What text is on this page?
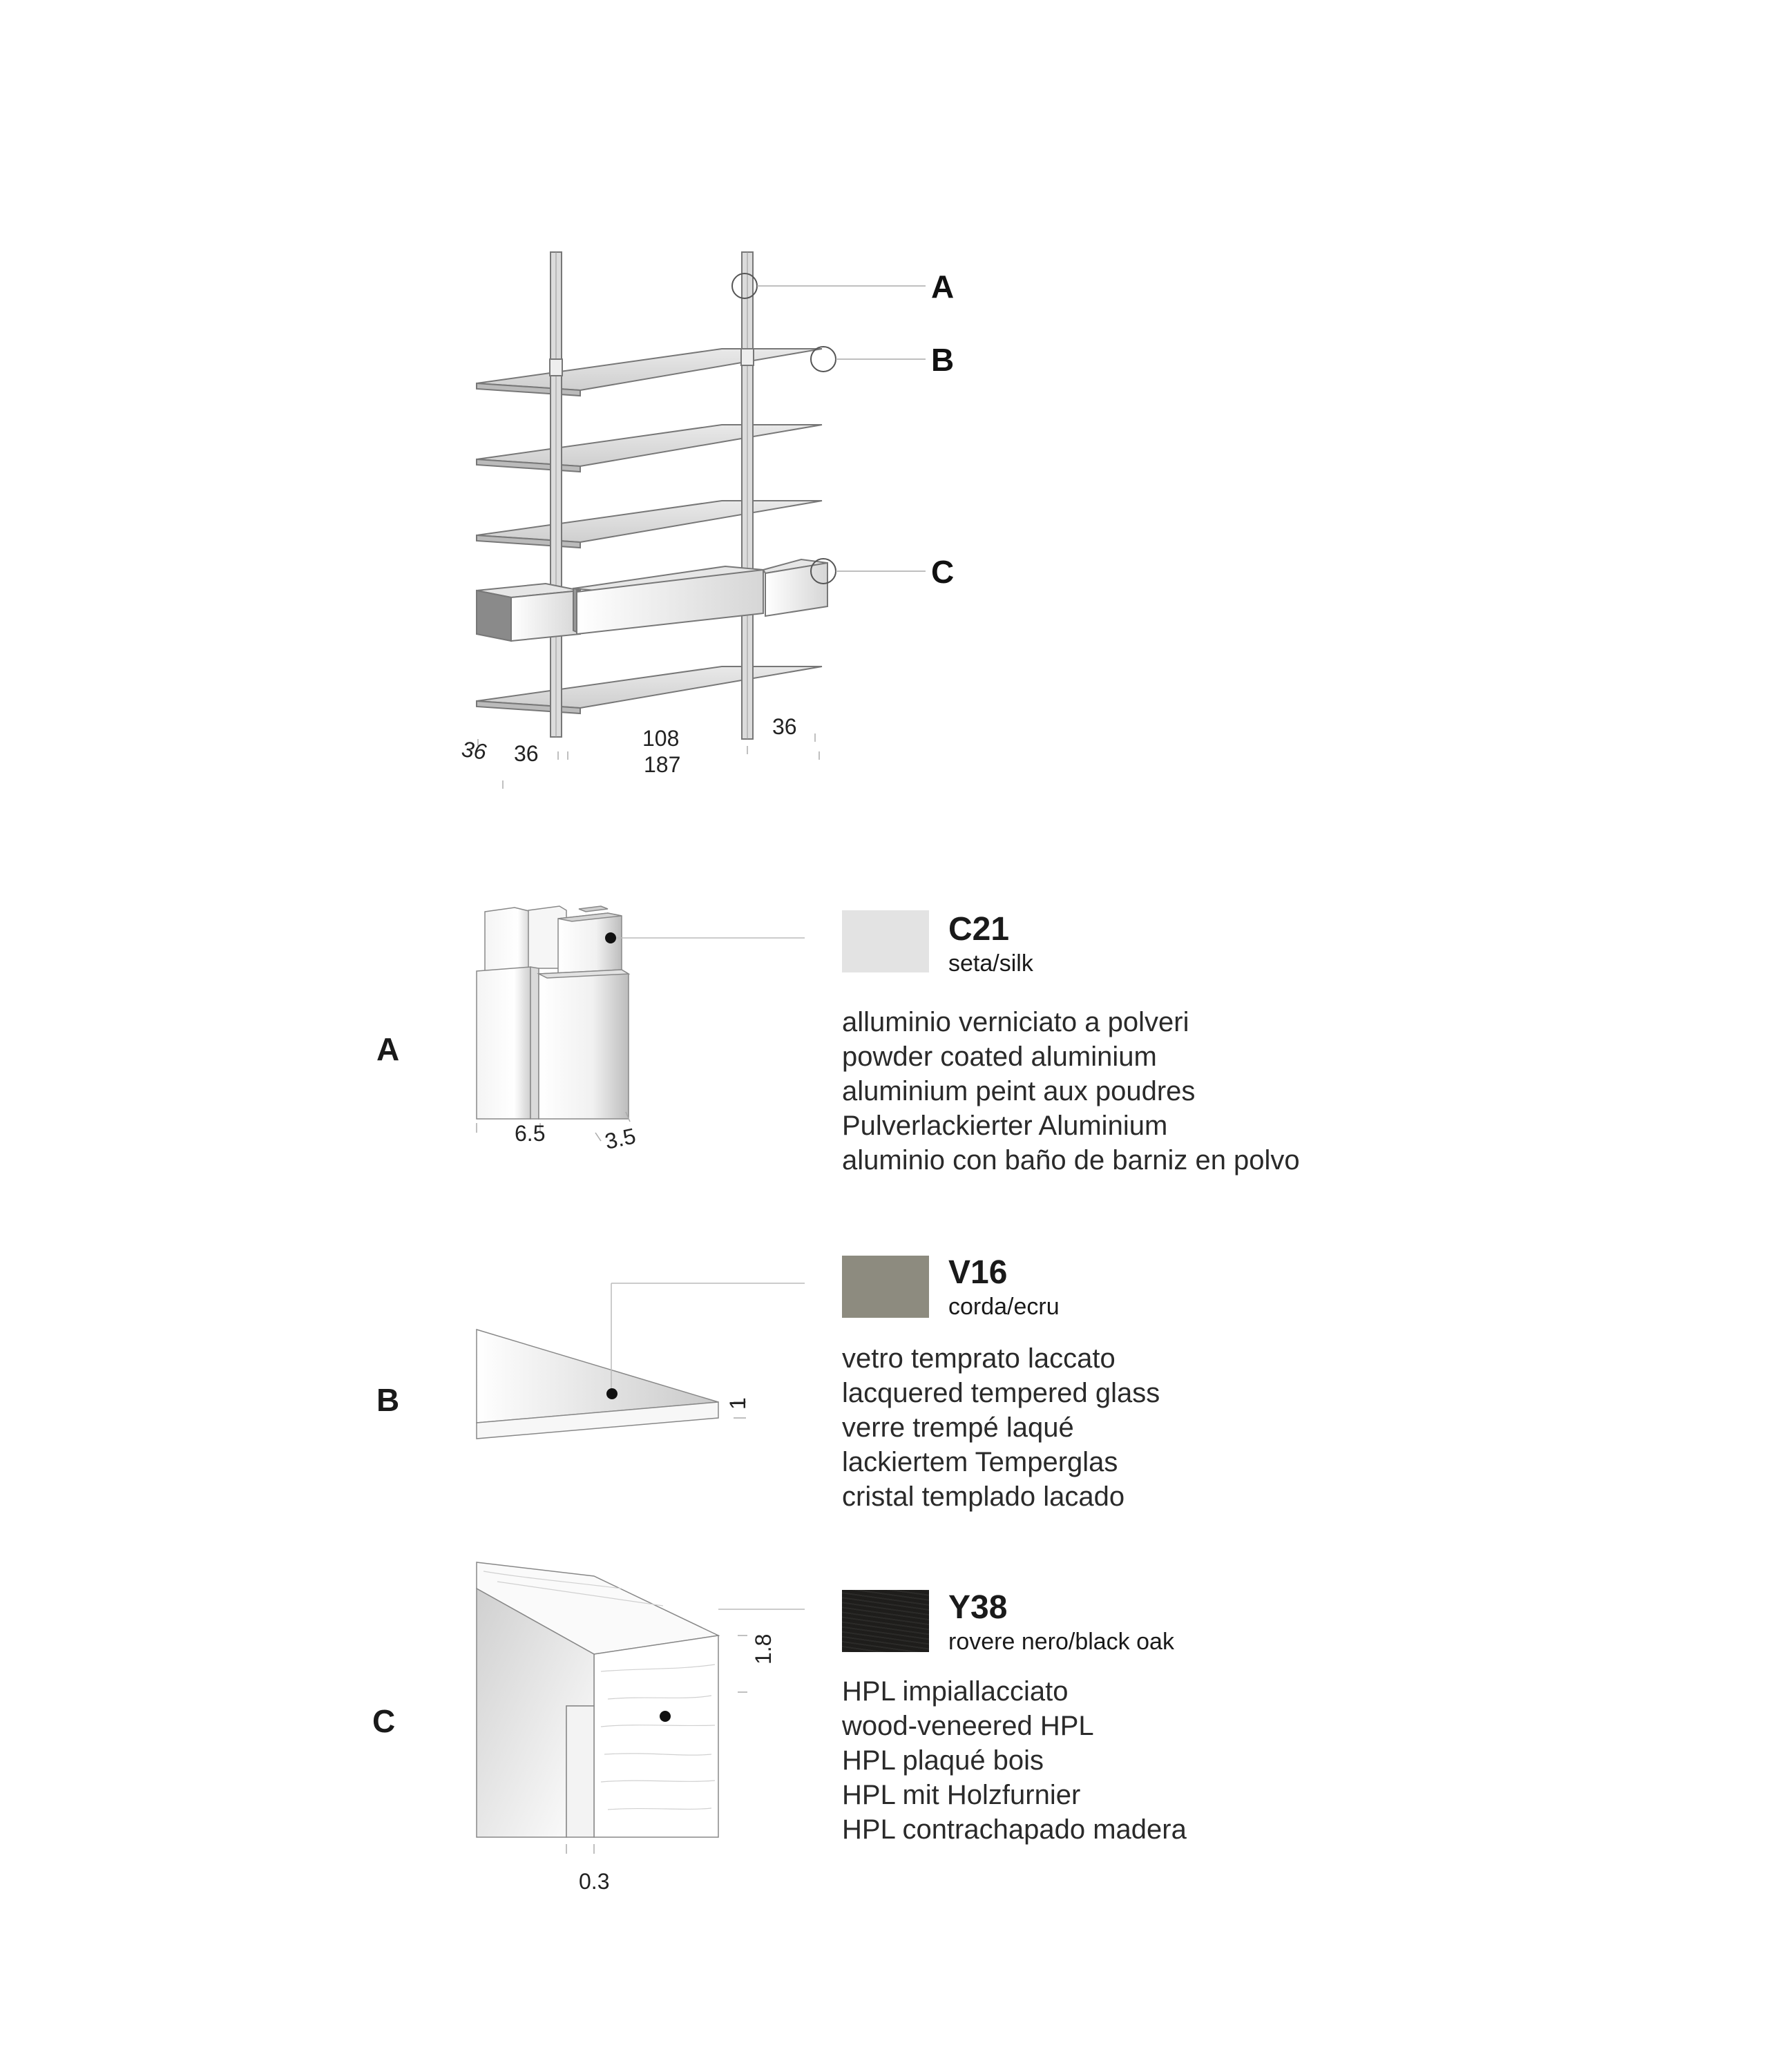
A
B
C
36 36
108
187
36
6.5	3.5
1
1.8
0.3
A
C21
seta/silk
alluminio verniciato a polveri
powder coated aluminium
aluminium peint aux poudres
Pulverlackierter Aluminium
aluminio con baño de barniz en polvo
B
V16
corda/ecru
vetro temprato laccato
lacquered tempered glass
verre trempé laqué
lackiertem Temperglas
cristal templado lacado
C
Y38
rovere nero/black oak
HPL impiallacciato
wood-veneered HPL
HPL plaqué bois
HPL mit Holzfurnier
HPL contrachapado madera
